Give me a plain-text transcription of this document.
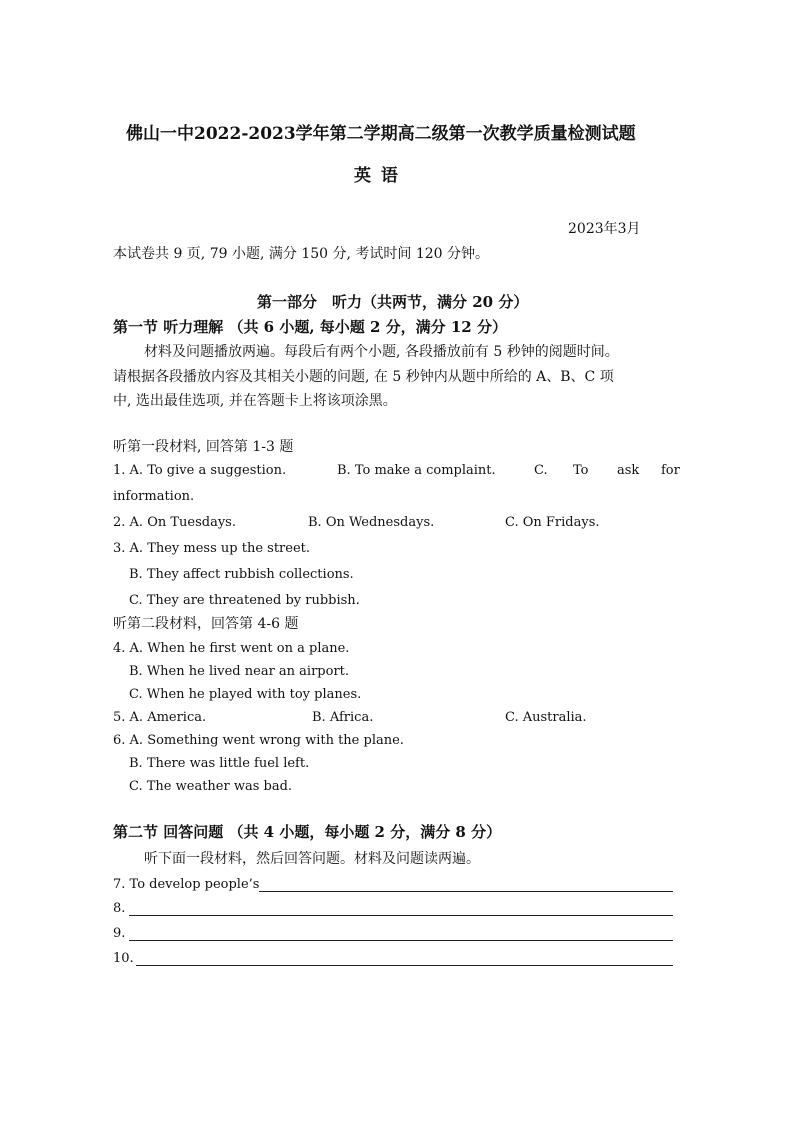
佛山一中2022-2023学年第二学期高二级第一次教学质量检测试题
英 语
2023年3月
本试卷共 9 页, 79 小题, 满分 150 分, 考试时间 120 分钟。
第一部分　听力（共两节，满分 20 分）
第一节 听力理解 （共 6 小题, 每小题 2 分，满分 12 分）
材料及问题播放两遍。每段后有两个小题, 各段播放前有 5 秒钟的阅题时间。
请根据各段播放内容及其相关小题的问题, 在 5 秒钟内从题中所给的 A、B、C 项
中, 选出最佳选项, 并在答题卡上将该项涂黑。
听第一段材料, 回答第 1-3 题
1. A. To give a suggestion.	B. To make a complaint.	C. To ask for
information.
2. A. On Tuesdays.	B. On Wednesdays.	C. On Fridays.
3. A. They mess up the street.
B. They affect rubbish collections.
C. They are threatened by rubbish.
听第二段材料，回答第 4-6 题
4. A. When he first went on a plane.
B. When he lived near an airport.
C. When he played with toy planes.
5. A. America.	B. Africa.	C. Australia.
6. A. Something went wrong with the plane.
B. There was little fuel left.
C. The weather was bad.
第二节 回答问题 （共 4 小题，每小题 2 分，满分 8 分）
听下面一段材料，然后回答问题。材料及问题读两遍。
7. To develop people’s
8.
9.
10.
